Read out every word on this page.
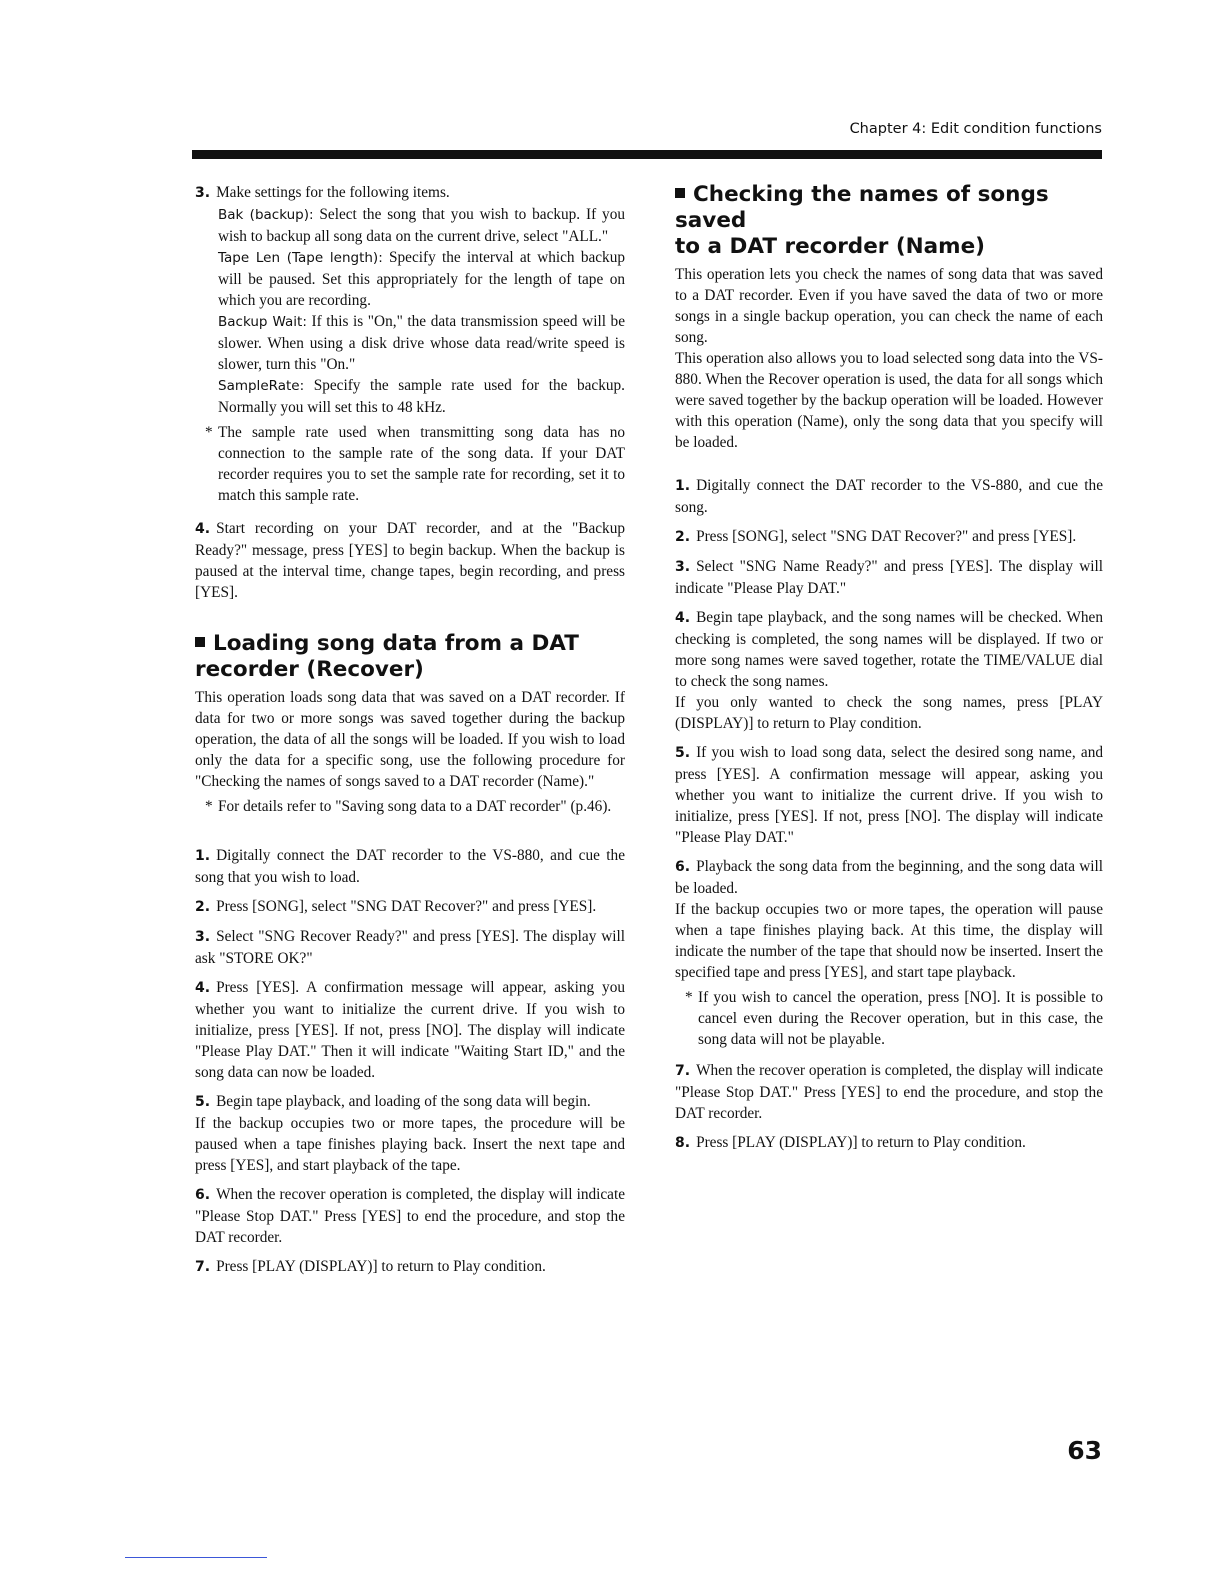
Chapter 4: Edit condition functions

3. Make settings for the following items.

Bak (backup): Select the song that you wish to backup. If you wish to backup all song data on the current drive, select "ALL."

Tape Len (Tape length): Specify the interval at which backup will be paused. Set this appropriately for the length of tape on which you are recording.

Backup Wait: If this is "On," the data transmission speed will be slower. When using a disk drive whose data read/write speed is slower, turn this "On."

SampleRate: Specify the sample rate used for the backup. Normally you will set this to 48 kHz.

* The sample rate used when transmitting song data has no connection to the sample rate of the song data. If your DAT recorder requires you to set the sample rate for recording, set it to match this sample rate.

4. Start recording on your DAT recorder, and at the "Backup Ready?" message, press [YES] to begin backup. When the backup is paused at the interval time, change tapes, begin recording, and press [YES].

Loading song data from a DAT
recorder (Recover)

This operation loads song data that was saved on a DAT recorder. If data for two or more songs was saved together during the backup operation, the data of all the songs will be loaded. If you wish to load only the data for a specific song, use the following procedure for "Checking the names of songs saved to a DAT recorder (Name)."

* For details refer to "Saving song data to a DAT recorder" (p.46).

1. Digitally connect the DAT recorder to the VS-880, and cue the song that you wish to load.

2. Press [SONG], select "SNG DAT Recover?" and press [YES].

3. Select "SNG Recover Ready?" and press [YES]. The display will ask "STORE OK?"

4. Press [YES]. A confirmation message will appear, asking you whether you want to initialize the current drive. If you wish to initialize, press [YES]. If not, press [NO]. The display will indicate "Please Play DAT." Then it will indicate "Waiting Start ID," and the song data can now be loaded.

5. Begin tape playback, and loading of the song data will begin.

If the backup occupies two or more tapes, the procedure will be paused when a tape finishes playing back. Insert the next tape and press [YES], and start playback of the tape.

6. When the recover operation is completed, the display will indicate "Please Stop DAT." Press [YES] to end the procedure, and stop the DAT recorder.

7. Press [PLAY (DISPLAY)] to return to Play condition.

Checking the names of songs saved
to a DAT recorder (Name)

This operation lets you check the names of song data that was saved to a DAT recorder. Even if you have saved the data of two or more songs in a single backup operation, you can check the name of each song.

This operation also allows you to load selected song data into the VS-880. When the Recover operation is used, the data for all songs which were saved together by the backup operation will be loaded. However with this operation (Name), only the song data that you specify will be loaded.

1. Digitally connect the DAT recorder to the VS-880, and cue the song.

2. Press [SONG], select "SNG DAT Recover?" and press [YES].

3. Select "SNG Name Ready?" and press [YES]. The display will indicate "Please Play DAT."

4. Begin tape playback, and the song names will be checked. When checking is completed, the song names will be displayed. If two or more song names were saved together, rotate the TIME/VALUE dial to check the song names.

If you only wanted to check the song names, press [PLAY (DISPLAY)] to return to Play condition.

5. If you wish to load song data, select the desired song name, and press [YES]. A confirmation message will appear, asking you whether you want to initialize the current drive. If you wish to initialize, press [YES]. If not, press [NO]. The display will indicate "Please Play DAT."

6. Playback the song data from the beginning, and the song data will be loaded.

If the backup occupies two or more tapes, the operation will pause when a tape finishes playing back. At this time, the display will indicate the number of the tape that should now be inserted. Insert the specified tape and press [YES], and start tape playback.

* If you wish to cancel the operation, press [NO]. It is possible to cancel even during the Recover operation, but in this case, the song data will not be playable.

7. When the recover operation is completed, the display will indicate "Please Stop DAT." Press [YES] to end the procedure, and stop the DAT recorder.

8. Press [PLAY (DISPLAY)] to return to Play condition.

63
